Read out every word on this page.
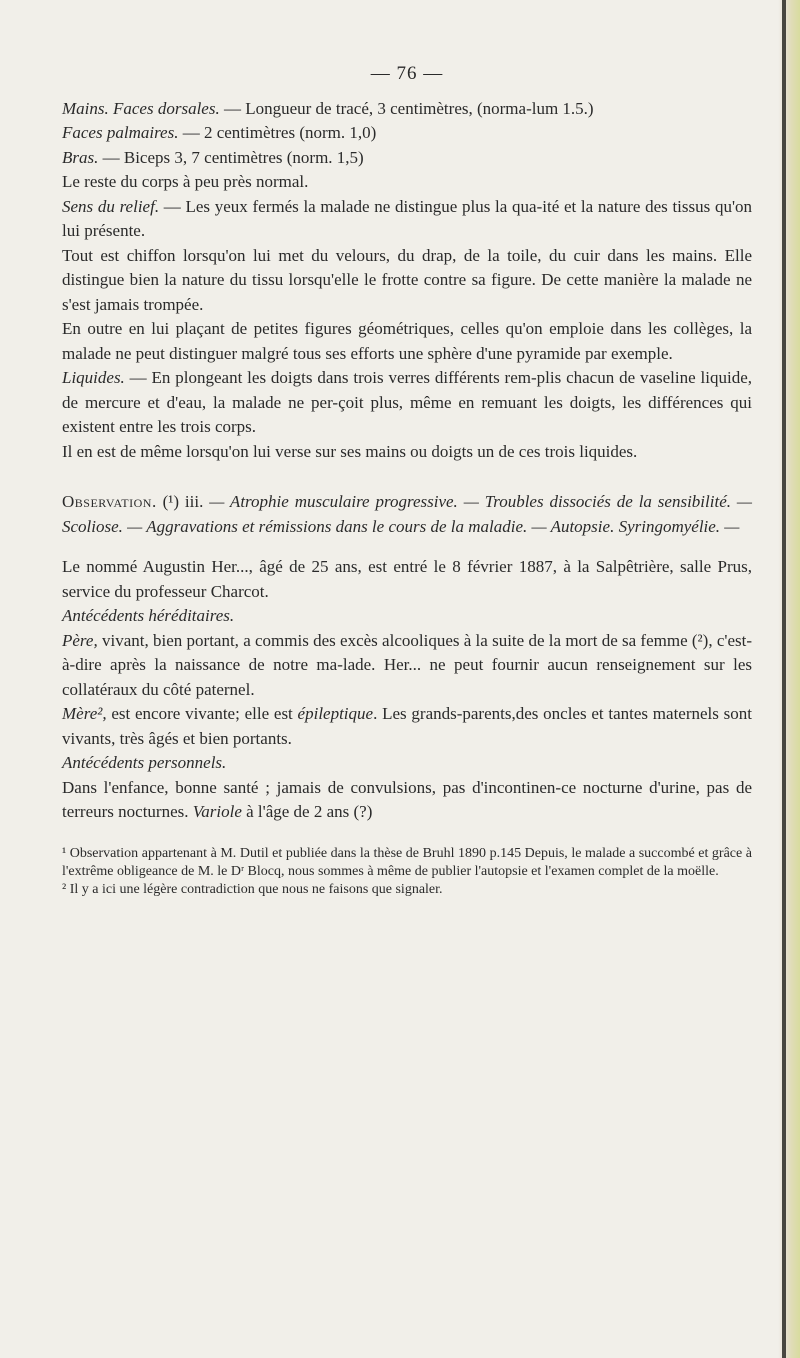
— 76 —

Mains. Faces dorsales. — Longueur de tracé, 3 centimètres, (norma-lum 1.5.)

Faces palmaires. — 2 centimètres (norm. 1,0)

Bras. — Biceps 3, 7 centimètres (norm. 1,5)

Le reste du corps à peu près normal.

Sens du relief. — Les yeux fermés la malade ne distingue plus la qua-ité et la nature des tissus qu'on lui présente.

Tout est chiffon lorsqu'on lui met du velours, du drap, de la toile, du cuir dans les mains. Elle distingue bien la nature du tissu lorsqu'elle le frotte contre sa figure. De cette manière la malade ne s'est jamais trompée.

En outre en lui plaçant de petites figures géométriques, celles qu'on emploie dans les collèges, la malade ne peut distinguer malgré tous ses efforts une sphère d'une pyramide par exemple.

Liquides. — En plongeant les doigts dans trois verres différents rem-plis chacun de vaseline liquide, de mercure et d'eau, la malade ne per-çoit plus, même en remuant les doigts, les différences qui existent entre les trois corps.

Il en est de même lorsqu'on lui verse sur ses mains ou doigts un de ces trois liquides.

Observation. (¹) iii. — Atrophie musculaire progressive. — Troubles dissociés de la sensibilité. — Scoliose. — Aggravations et rémissions dans le cours de la maladie. — Autopsie. Syringomyélie. —

Le nommé Augustin Her..., âgé de 25 ans, est entré le 8 février 1887, à la Salpêtrière, salle Prus, service du professeur Charcot.

Antécédents héréditaires.

Père, vivant, bien portant, a commis des excès alcooliques à la suite de la mort de sa femme (²), c'est-à-dire après la naissance de notre ma-lade. Her... ne peut fournir aucun renseignement sur les collatéraux du côté paternel.

Mère², est encore vivante; elle est épileptique. Les grands-parents,des oncles et tantes maternels sont vivants, très âgés et bien portants.

Antécédents personnels.

Dans l'enfance, bonne santé ; jamais de convulsions, pas d'incontinen-ce nocturne d'urine, pas de terreurs nocturnes. Variole à l'âge de 2 ans (?)

¹ Observation appartenant à M. Dutil et publiée dans la thèse de Bruhl 1890 p.145 Depuis, le malade a succombé et grâce à l'extrême obligeance de M. le Dʳ Blocq, nous sommes à même de publier l'autopsie et l'examen complet de la moëlle.

² Il y a ici une légère contradiction que nous ne faisons que signaler.
